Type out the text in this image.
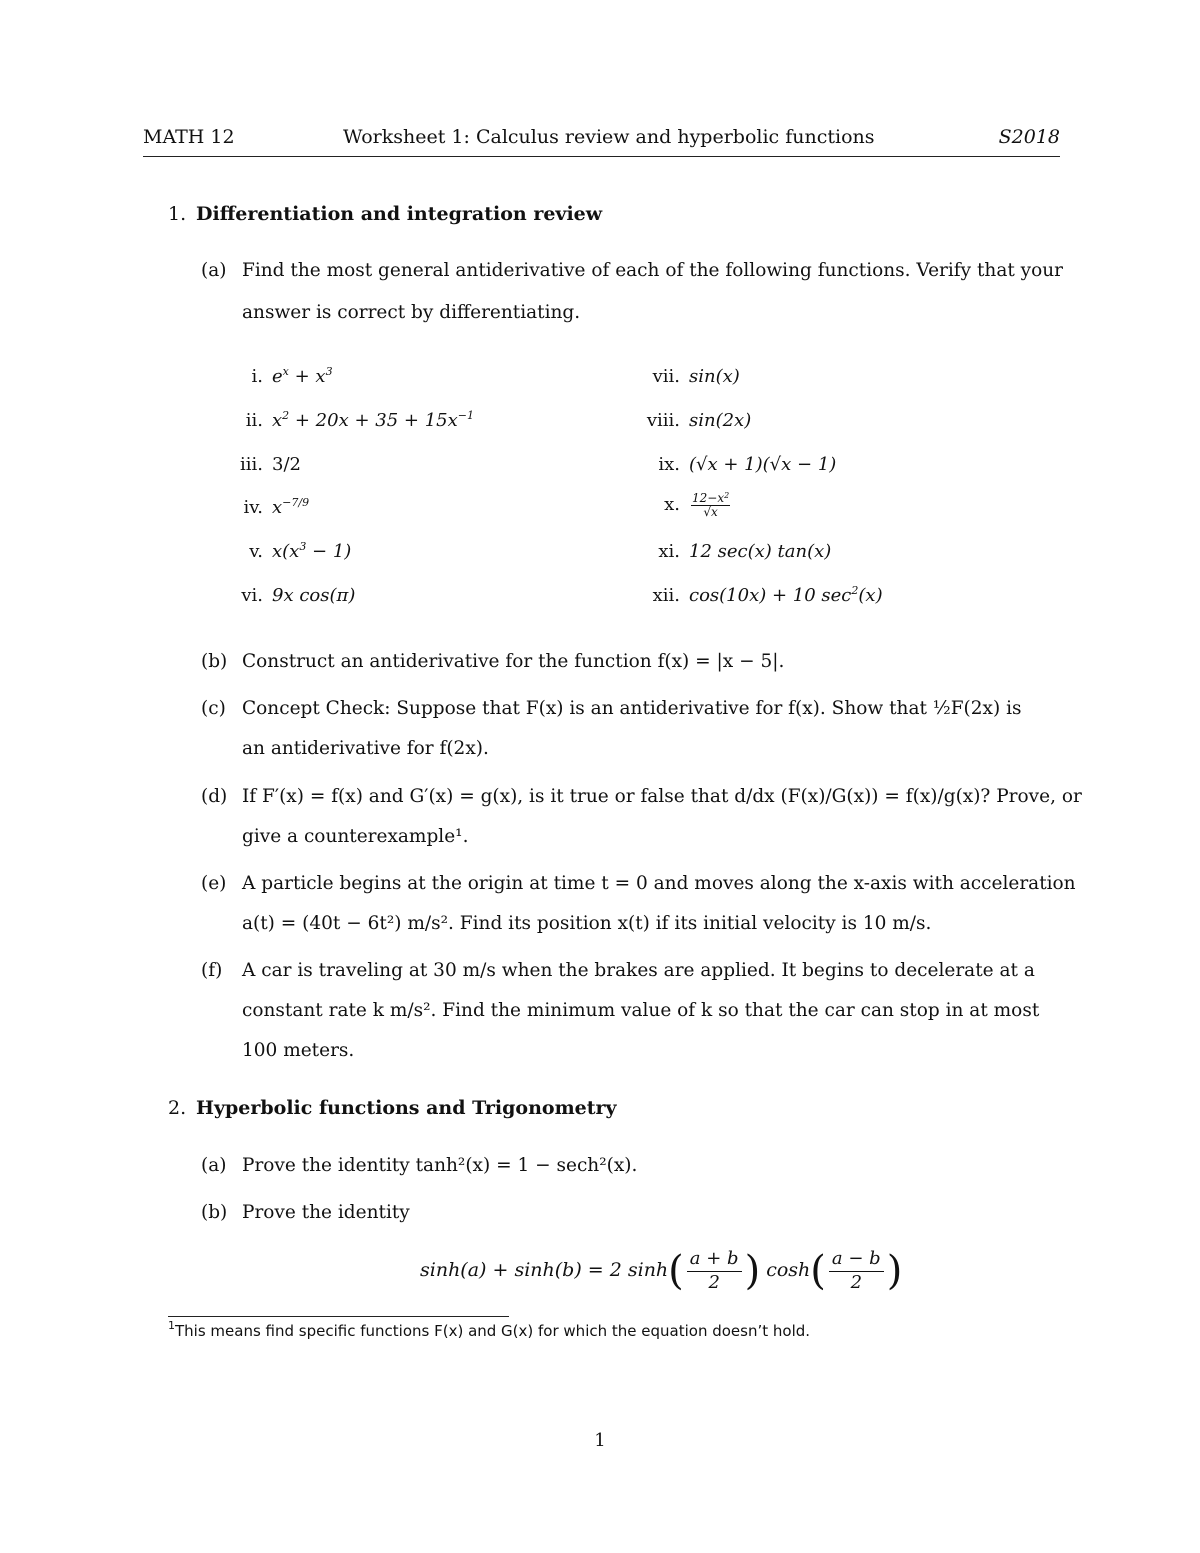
MATH 12	Worksheet 1: Calculus review and hyperbolic functions	S2018
1. Differentiation and integration review
(a) Find the most general antiderivative of each of the following functions. Verify that your
answer is correct by differentiating.
i. $e^x + x^3$
ii. $x^2 + 20x + 35 + 15x^{-1}$
iii. 3/2
iv. $x^{-7/9}$
v. $x(x^3 - 1)$
vi. 9x cos(π)
vii. sin(x)
viii. sin(2x)
ix. (√x + 1)(√x − 1)
x. $\frac{12-x^2}{√x}$
xi. 12 sec(x) tan(x)
xii. cos(10x) + 10 $\sec^2(x)$
(b) Construct an antiderivative for the function f(x) = |x − 5|.
(c) Concept Check: Suppose that F(x) is an antiderivative for f(x). Show that ½F(2x) is
an antiderivative for f(2x).
(d) If F′(x) = f(x) and G′(x) = g(x), is it true or false that d/dx (F(x)/G(x)) = f(x)/g(x)? Prove, or
give a counterexample¹.
(e) A particle begins at the origin at time t = 0 and moves along the x-axis with acceleration
a(t) = (40t − 6t²) m/s². Find its position x(t) if its initial velocity is 10 m/s.
(f) A car is traveling at 30 m/s when the brakes are applied. It begins to decelerate at a
constant rate k m/s². Find the minimum value of k so that the car can stop in at most
100 meters.
2. Hyperbolic functions and Trigonometry
(a) Prove the identity tanh²(x) = 1 − sech²(x).
(b) Prove the identity
sinh(a) + sinh(b) = 2 $\sinh( \frac{a + b}{2}$ ) $\cosh( \frac{a - b}{2}$ )
$^1$This means find specific functions F(x) and G(x) for which the equation doesn’t hold.
1
